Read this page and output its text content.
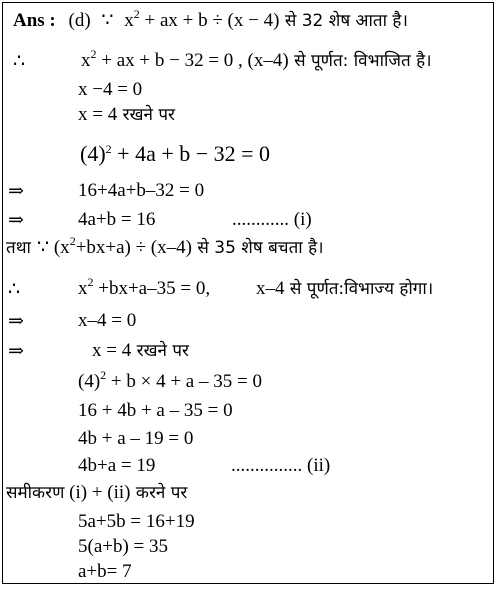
Ans : (d) ∵ $x^2$ + ax + b ÷ (x − 4) से 32 शेष आता है।
∴	$x^2$ + ax + b − 32 = 0 , (x–4) से पूर्णत: विभाजित है।
x −4 = 0
x = 4 रखने पर
$(4)^2 + 4a + b - 32 = 0$
⇒	16+4a+b–32 = 0
⇒	4a+b = 16	............ (i)
तथा ∵ $(x^2+bx+a) \div (x-4)$ से 35 शेष बचता है।
∴	$x^2 +bx+a-35 = 0$, x–4 से पूर्णत:विभाज्य होगा।
⇒	x–4 = 0
⇒	x = 4 रखने पर
$(4)^2 + b \times 4 + a - 35 = 0$
16 + 4b + a – 35 = 0
4b + a – 19 = 0
4b+a = 19	............... (ii)
समीकरण (i) + (ii) करने पर
5a+5b = 16+19
5(a+b) = 35
a+b= 7
